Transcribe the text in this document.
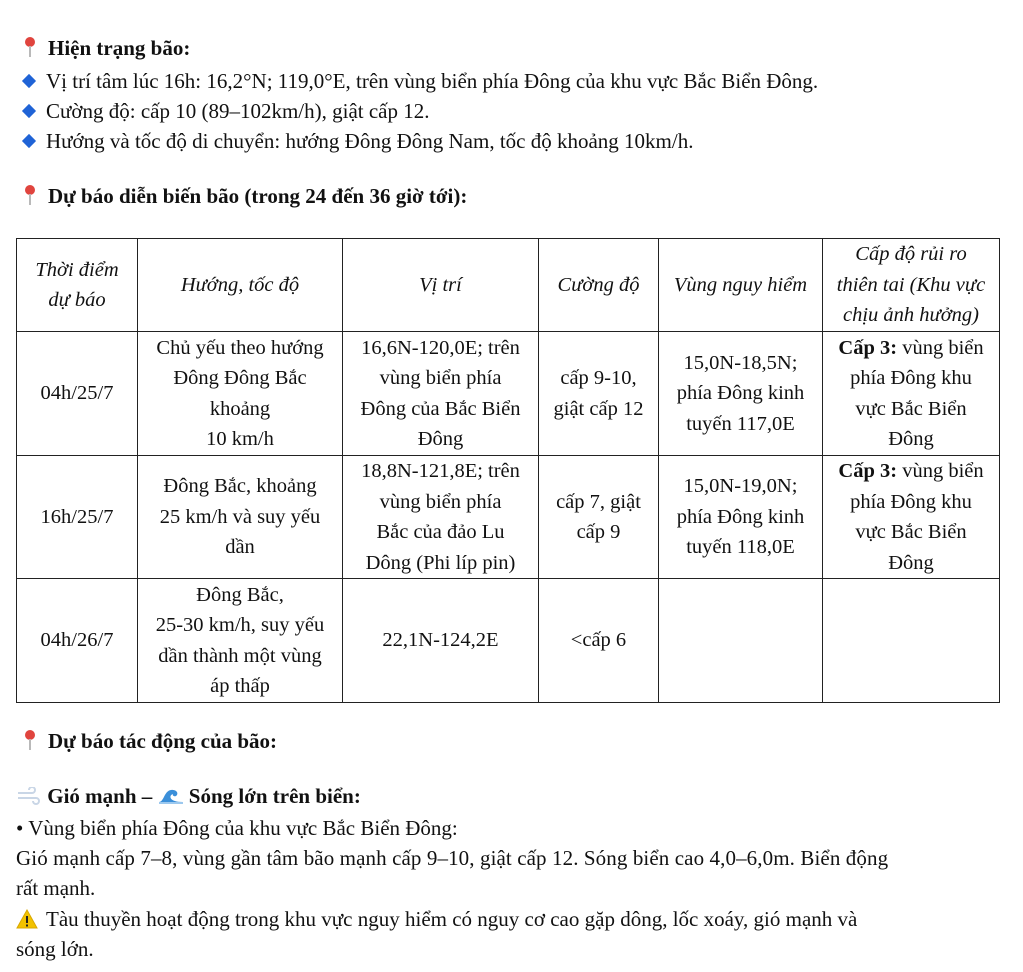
Hiện trạng bão:
Vị trí tâm lúc 16h: 16,2°N; 119,0°E, trên vùng biển phía Đông của khu vực Bắc Biển Đông.
Cường độ: cấp 10 (89–102km/h), giật cấp 12.
Hướng và tốc độ di chuyển: hướng Đông Đông Nam, tốc độ khoảng 10km/h.
Dự báo diễn biến bão (trong 24 đến 36 giờ tới):
Thời điểm
dự báo	Hướng, tốc độ	Vị trí	Cường độ	Vùng nguy hiểm	Cấp độ rủi ro
thiên tai (Khu vực
chịu ảnh hưởng)

04h/25/7	Chủ yếu theo hướng
Đông Đông Bắc
khoảng
10 km/h	16,6N-120,0E; trên
vùng biển phía
Đông của Bắc Biển
Đông	cấp 9-10,
giật cấp 12	15,0N-18,5N;
phía Đông kinh
tuyến 117,0E	Cấp 3: vùng biển
phía Đông khu
vực Bắc Biển
Đông

16h/25/7	Đông Bắc, khoảng
25 km/h và suy yếu
dần	18,8N-121,8E; trên
vùng biển phía
Bắc của đảo Lu
Dông (Phi líp pin)	cấp 7, giật
cấp 9	15,0N-19,0N;
phía Đông kinh
tuyến 118,0E	Cấp 3: vùng biển
phía Đông khu
vực Bắc Biển
Đông

04h/26/7	Đông Bắc,
25-30 km/h, suy yếu
dần thành một vùng
áp thấp	22,1N-124,2E	<cấp 6		

Dự báo tác động của bão:
Gió mạnh – Sóng lớn trên biển:
• Vùng biển phía Đông của khu vực Bắc Biển Đông:
Gió mạnh cấp 7–8, vùng gần tâm bão mạnh cấp 9–10, giật cấp 12. Sóng biển cao 4,0–6,0m. Biển động
rất mạnh.
Tàu thuyền hoạt động trong khu vực nguy hiểm có nguy cơ cao gặp dông, lốc xoáy, gió mạnh và
sóng lớn.
